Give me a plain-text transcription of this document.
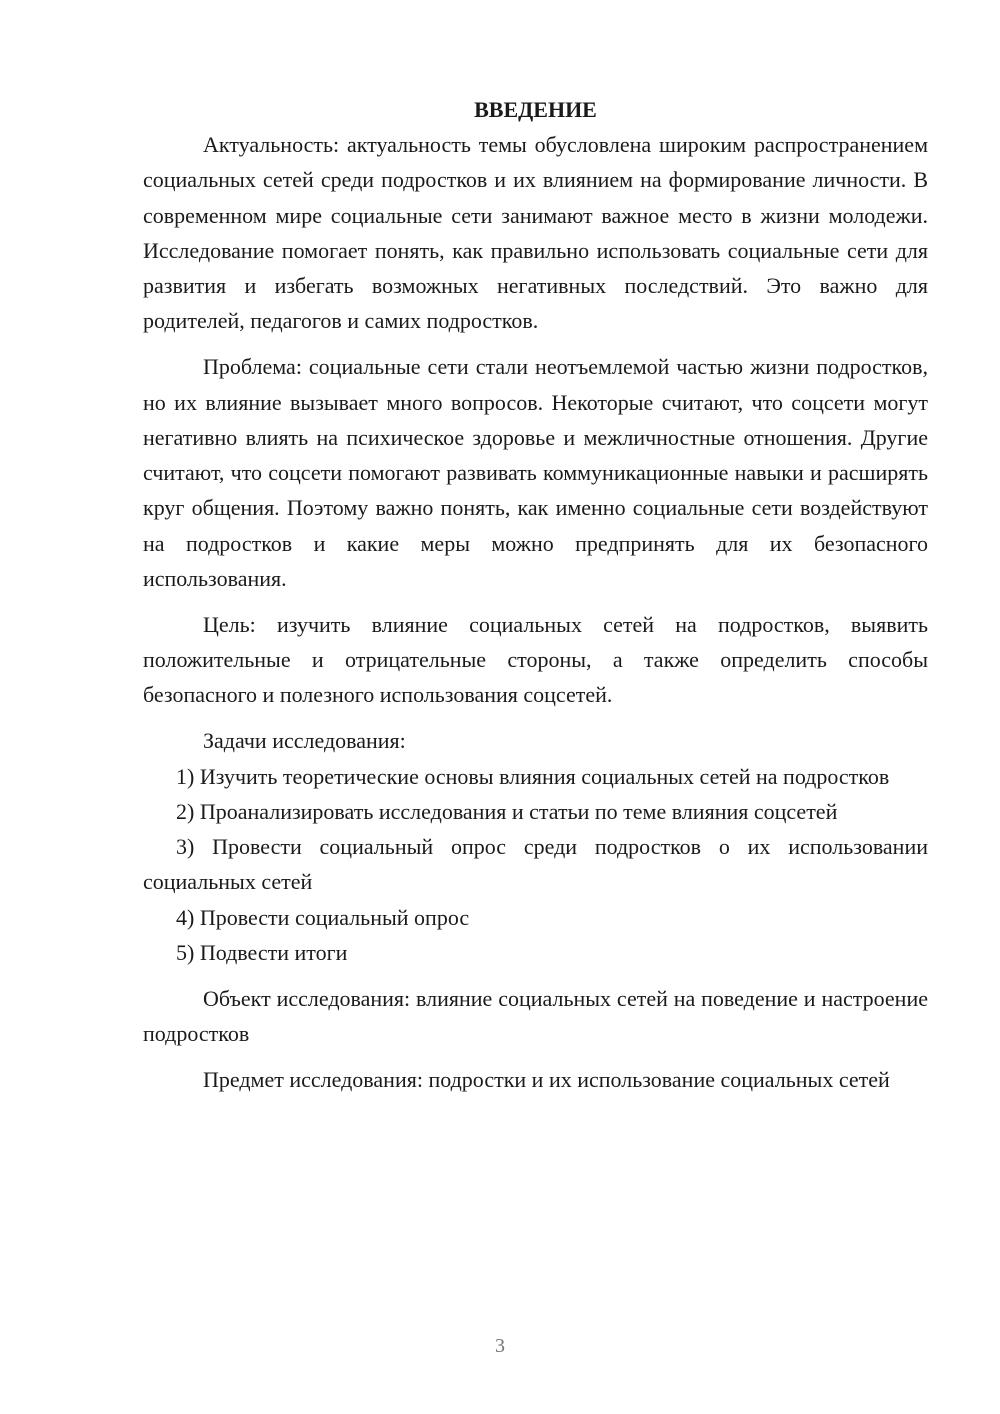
ВВЕДЕНИЕ

Актуальность: актуальность темы обусловлена широким распространением социальных сетей среди подростков и их влиянием на формирование личности. В современном мире социальные сети занимают важное место в жизни молодежи. Исследование помогает понять, как правильно использовать социальные сети для развития и избегать возможных негативных последствий. Это важно для родителей, педагогов и самих подростков.

Проблема: социальные сети стали неотъемлемой частью жизни подростков, но их влияние вызывает много вопросов. Некоторые считают, что соцсети могут негативно влиять на психическое здоровье и межличностные отношения. Другие считают, что соцсети помогают развивать коммуникационные навыки и расширять круг общения. Поэтому важно понять, как именно социальные сети воздействуют на подростков и какие меры можно предпринять для их безопасного использования.

Цель: изучить влияние социальных сетей на подростков, выявить положительные и отрицательные стороны, а также определить способы безопасного и полезного использования соцсетей.

Задачи исследования:

1) Изучить теоретические основы влияния социальных сетей на подростков

2) Проанализировать исследования и статьи по теме влияния соцсетей

3) Провести социальный опрос среди подростков о их использовании социальных сетей

4) Провести социальный опрос

5) Подвести итоги

Объект исследования: влияние социальных сетей на поведение и настроение подростков

Предмет исследования: подростки и их использование социальных сетей

3
